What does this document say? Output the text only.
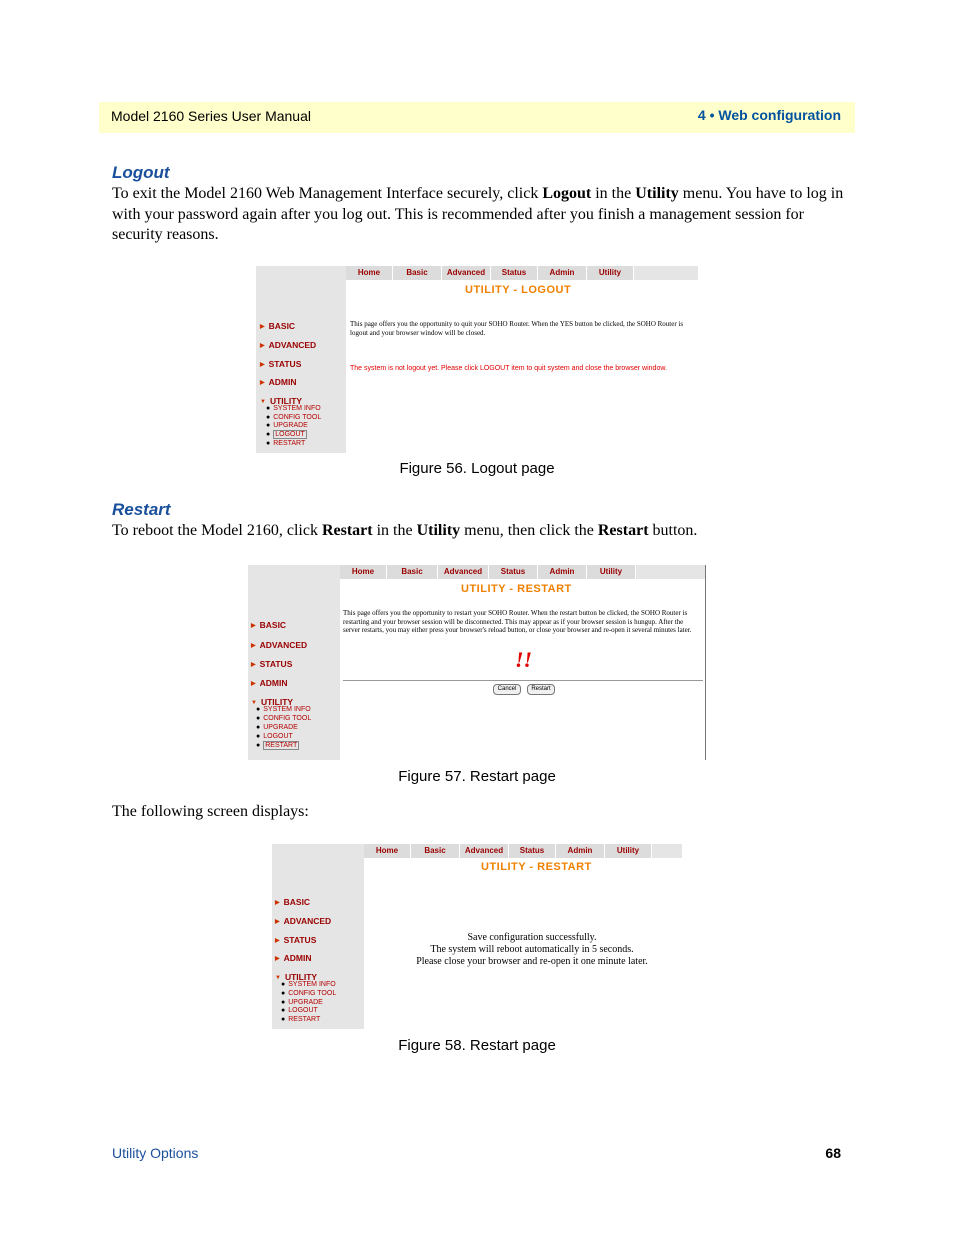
Model 2160 Series User Manual	4 • Web configuration
Logout
To exit the Model 2160 Web Management Interface securely, click Logout in the Utility menu. You have to log in with your password again after you log out. This is recommended after you finish a management session for security reasons.
▶ BASIC
▶ ADVANCED
▶ STATUS
▶ ADMIN
▼ UTILITY
● SYSTEM INFO
● CONFIG TOOL
● UPGRADE
● LOGOUT
● RESTART
Home	Basic	Advanced	Status	Admin	Utility
UTILITY - LOGOUT
This page offers you the opportunity to quit your SOHO Router. When the YES button be clicked, the SOHO Router is logout and your browser window will be closed.
The system is not logout yet. Please click LOGOUT item to quit system and close the browser window.
Figure 56. Logout page
Restart
To reboot the Model 2160, click Restart in the Utility menu, then click the Restart button.
▶ BASIC
▶ ADVANCED
▶ STATUS
▶ ADMIN
▼ UTILITY
● SYSTEM INFO
● CONFIG TOOL
● UPGRADE
● LOGOUT
● RESTART
Home	Basic	Advanced	Status	Admin	Utility
UTILITY - RESTART
This page offers you the opportunity to restart your SOHO Router. When the restart button be clicked, the SOHO Router is restarting and your browser session will be disconnected. This may appear as if your browser session is hungup. After the server restarts, you may either press your browser's reload button, or close your browser and re-open it several minutes later.
!!
Cancel	Restart
Figure 57. Restart page
The following screen displays:
▶ BASIC
▶ ADVANCED
▶ STATUS
▶ ADMIN
▼ UTILITY
● SYSTEM INFO
● CONFIG TOOL
● UPGRADE
● LOGOUT
● RESTART
Home	Basic	Advanced	Status	Admin	Utility
UTILITY - RESTART
Save configuration successfully.
The system will reboot automatically in 5 seconds.
Please close your browser and re-open it one minute later.
Figure 58. Restart page
Utility Options	68
